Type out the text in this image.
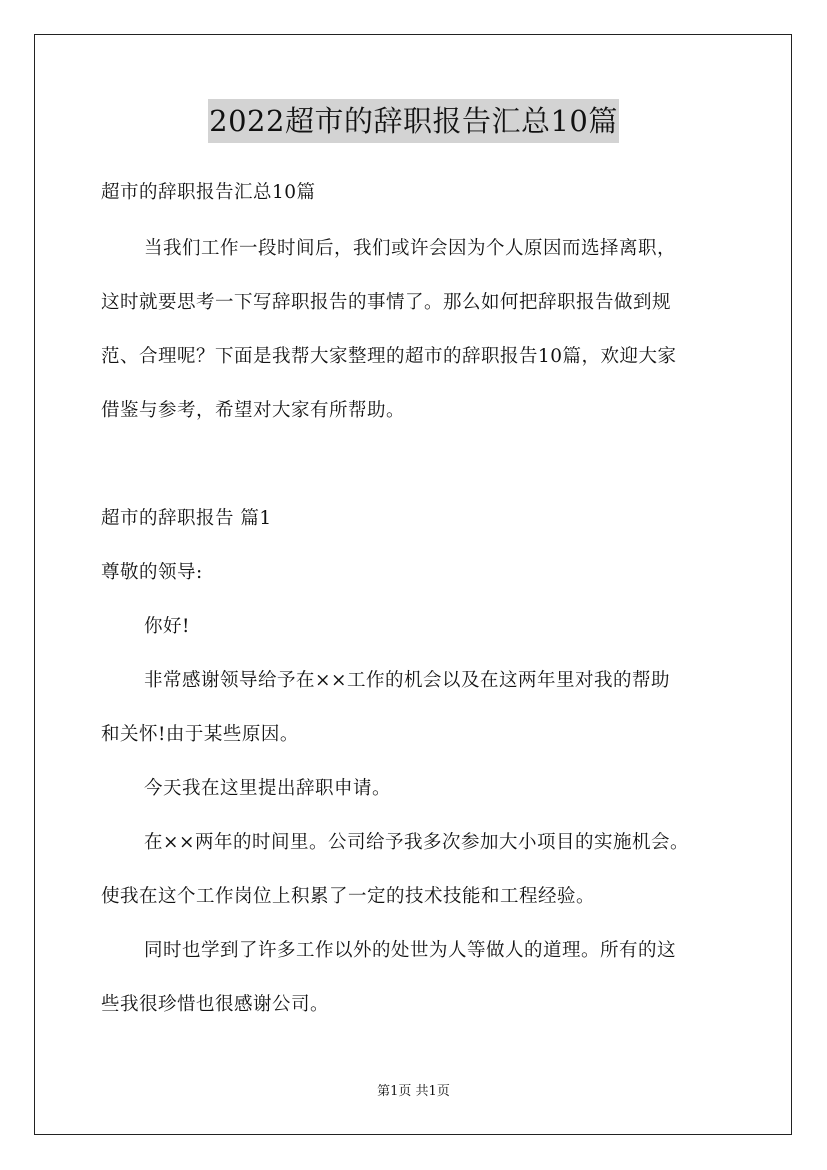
2022超市的辞职报告汇总10篇
超市的辞职报告汇总10篇
当我们工作一段时间后，我们或许会因为个人原因而选择离职，
这时就要思考一下写辞职报告的事情了。那么如何把辞职报告做到规
范、合理呢？下面是我帮大家整理的超市的辞职报告10篇，欢迎大家
借鉴与参考，希望对大家有所帮助。
超市的辞职报告 篇1
尊敬的领导:
你好!
非常感谢领导给予在××工作的机会以及在这两年里对我的帮助
和关怀!由于某些原因。
今天我在这里提出辞职申请。
在××两年的时间里。公司给予我多次参加大小项目的实施机会。
使我在这个工作岗位上积累了一定的技术技能和工程经验。
同时也学到了许多工作以外的处世为人等做人的道理。所有的这
些我很珍惜也很感谢公司。
第1页 共1页
